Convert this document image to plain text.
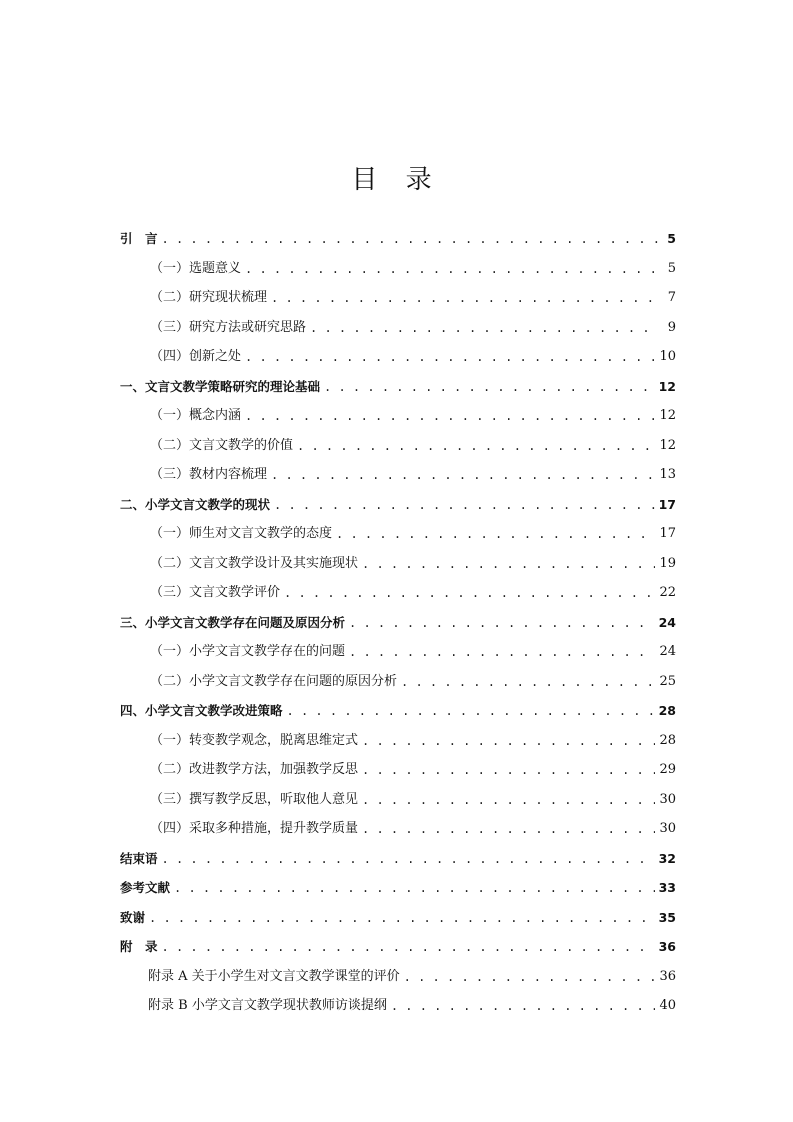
目 录
引　言 . . .	5
（一）选题意义 . . .	5
（二）研究现状梳理 . . .	7
（三）研究方法或研究思路 . . .	9
（四）创新之处 . . .	10
一、文言文教学策略研究的理论基础 . . .	12
（一）概念内涵 . . .	12
（二）文言文教学的价值 . . .	12
（三）教材内容梳理 . . .	13
二、小学文言文教学的现状 . . .	17
（一）师生对文言文教学的态度 . . .	17
（二）文言文教学设计及其实施现状 . . .	19
（三）文言文教学评价 . . .	22
三、小学文言文教学存在问题及原因分析 . . .	24
（一）小学文言文教学存在的问题 . . .	24
（二）小学文言文教学存在问题的原因分析 . . .	25
四、小学文言文教学改进策略 . . .	28
（一）转变教学观念，脱离思维定式 . . .	28
（二）改进教学方法，加强教学反思 . . .	29
（三）撰写教学反思，听取他人意见 . . .	30
（四）采取多种措施，提升教学质量 . . .	30
结束语 . . .	32
参考文献 . . .	33
致谢 . . .	35
附　录 . . .	36
附录 A 关于小学生对文言文教学课堂的评价 . . .	36
附录 B 小学文言文教学现状教师访谈提纲 . . .	40
